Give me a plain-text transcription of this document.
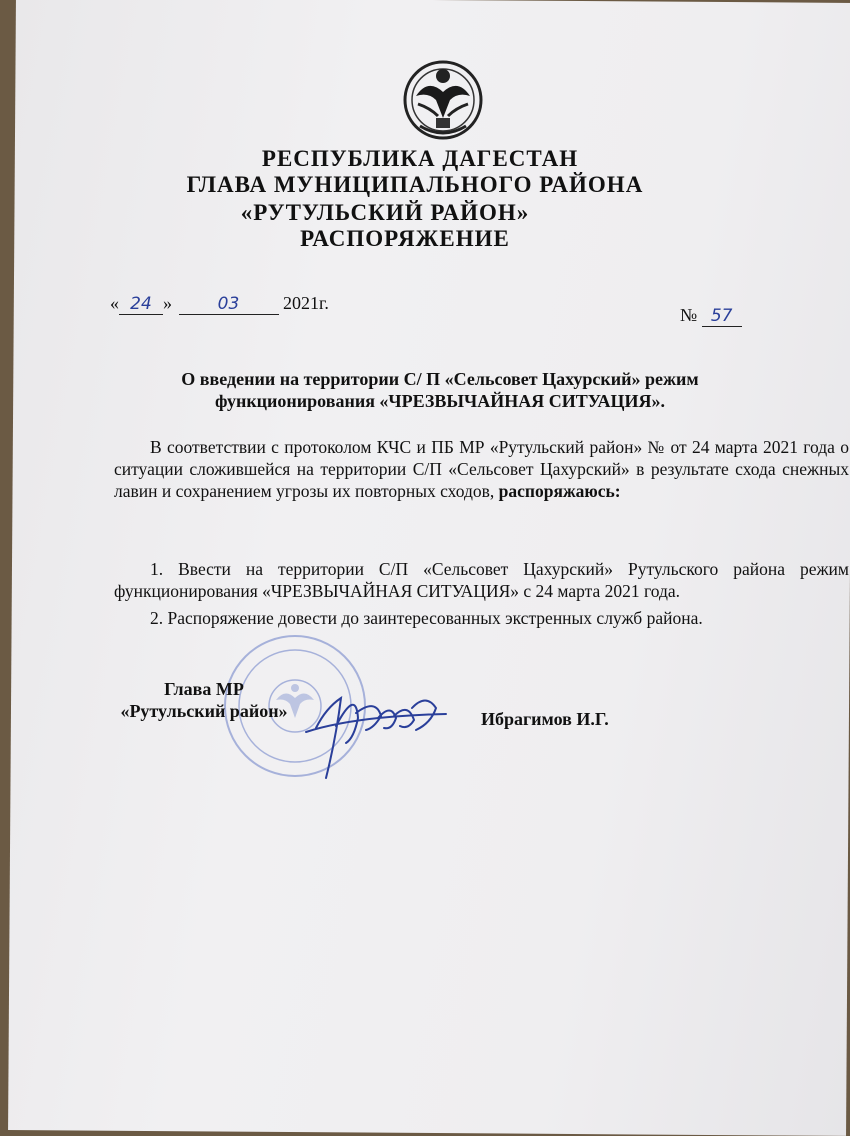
РЕСПУБЛИКА ДАГЕСТАН
ГЛАВА МУНИЦИПАЛЬНОГО РАЙОНА
«РУТУЛЬСКИЙ РАЙОН»
РАСПОРЯЖЕНИЕ
« 24 »	03 2021г.
№ 57
О введении на территории С/ П «Сельсовет Цахурский» режим
функционирования «ЧРЕЗВЫЧАЙНАЯ СИТУАЦИЯ».
В соответствии с протоколом КЧС и ПБ МР «Рутульский район» № от 24 марта 2021 года о ситуации сложившейся на территории С/П «Сельсовет Цахурский» в результате схода снежных лавин и сохранением угрозы их повторных сходов, распоряжаюсь:
1. Ввести на территории С/П «Сельсовет Цахурский» Рутульского района режим функционирования «ЧРЕЗВЫЧАЙНАЯ СИТУАЦИЯ» с 24 марта 2021 года.
2. Распоряжение довести до заинтересованных экстренных служб района.
Глава МР
«Рутульский район»	Ибрагимов И.Г.
